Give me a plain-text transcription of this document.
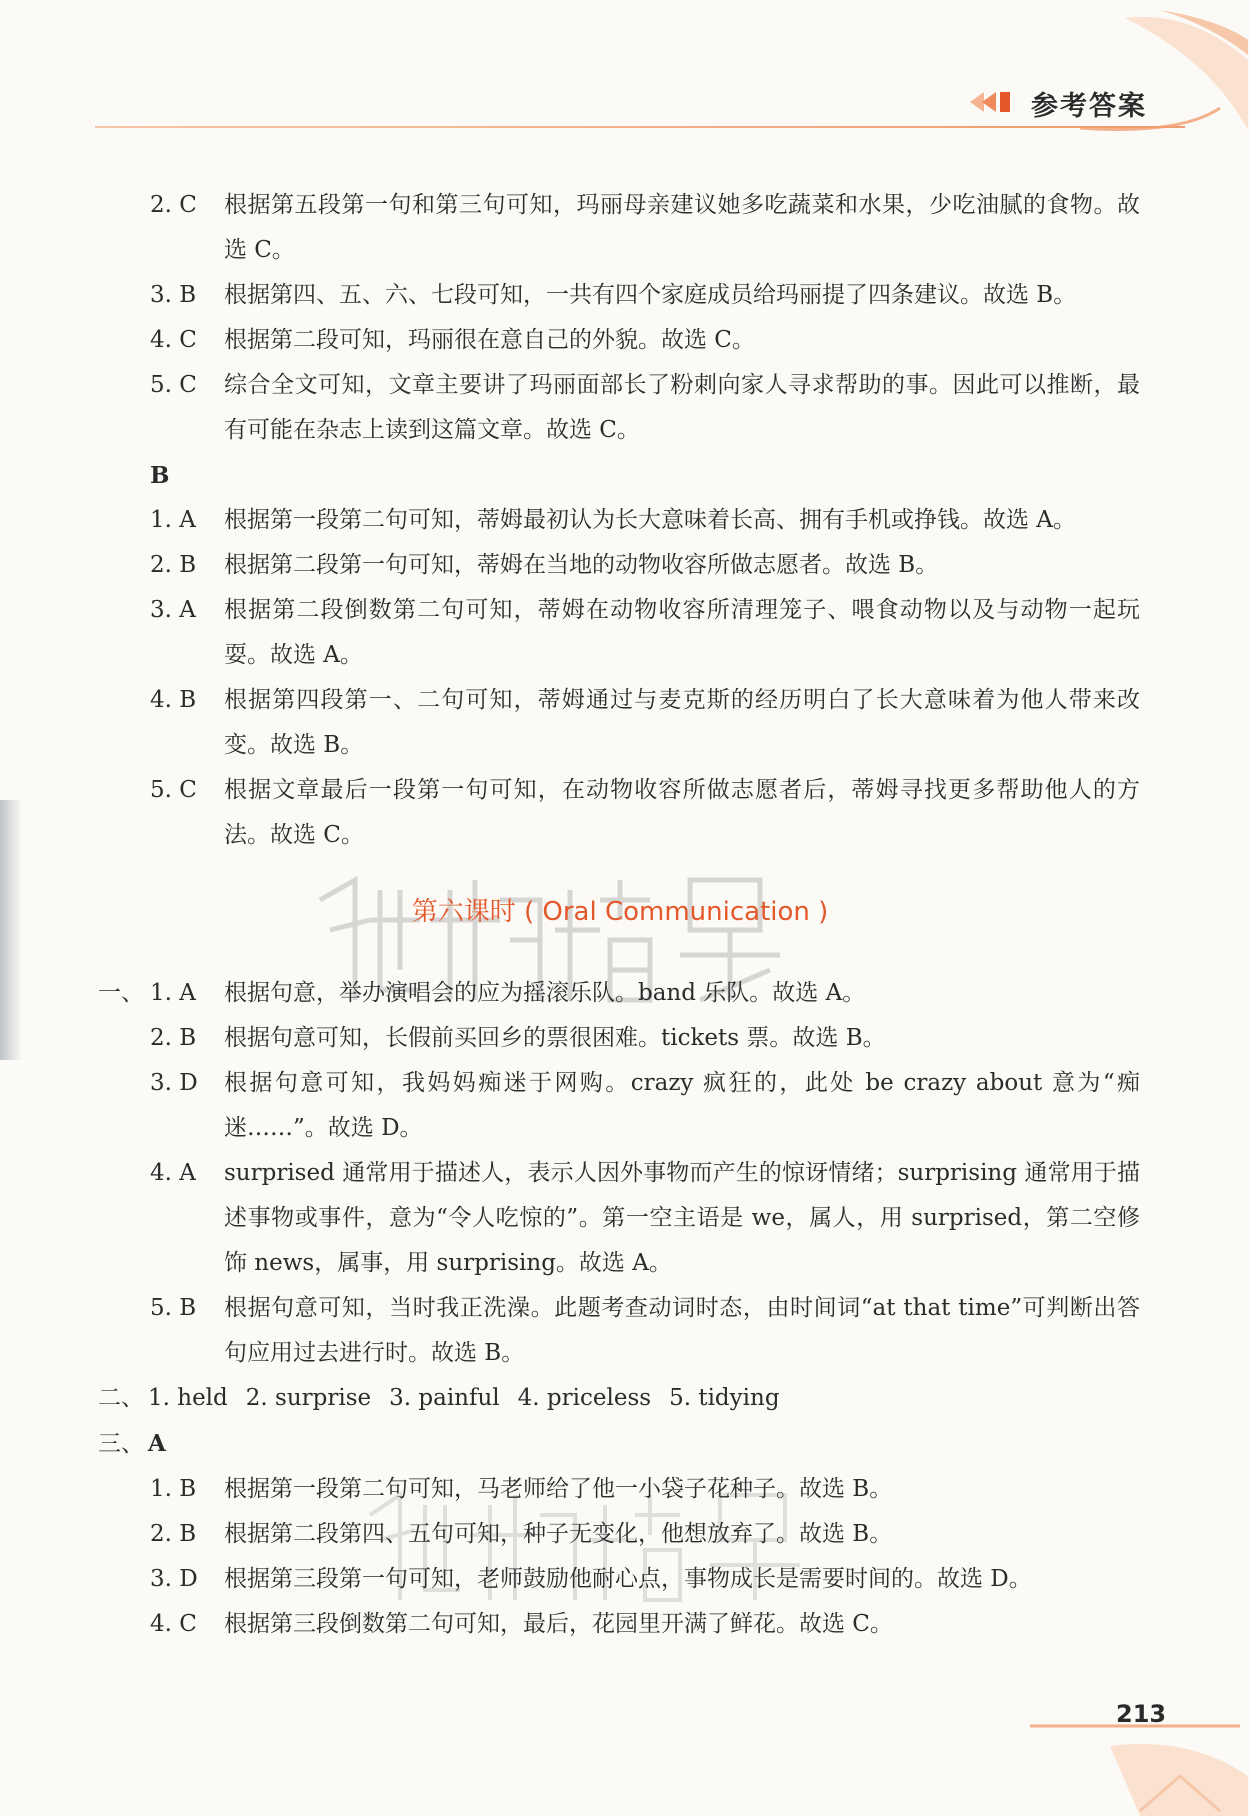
参考答案
2. C 根据第五段第一句和第三句可知，玛丽母亲建议她多吃蔬菜和水果，少吃油腻的食物。故选 C。
3. B 根据第四、五、六、七段可知，一共有四个家庭成员给玛丽提了四条建议。故选 B。
4. C 根据第二段可知，玛丽很在意自己的外貌。故选 C。
5. C 综合全文可知，文章主要讲了玛丽面部长了粉刺向家人寻求帮助的事。因此可以推断，最有可能在杂志上读到这篇文章。故选 C。
B
1. A 根据第一段第二句可知，蒂姆最初认为长大意味着长高、拥有手机或挣钱。故选 A。
2. B 根据第二段第一句可知，蒂姆在当地的动物收容所做志愿者。故选 B。
3. A 根据第二段倒数第二句可知，蒂姆在动物收容所清理笼子、喂食动物以及与动物一起玩耍。故选 A。
4. B 根据第四段第一、二句可知，蒂姆通过与麦克斯的经历明白了长大意味着为他人带来改变。故选 B。
5. C 根据文章最后一段第一句可知，在动物收容所做志愿者后，蒂姆寻找更多帮助他人的方法。故选 C。
第六课时 ( Oral Communication )
一、 1. A 根据句意，举办演唱会的应为摇滚乐队。band 乐队。故选 A。
2. B 根据句意可知，长假前买回乡的票很困难。tickets 票。故选 B。
3. D 根据句意可知，我妈妈痴迷于网购。crazy 疯狂的，此处 be crazy about 意为“痴迷……”。故选 D。
4. A surprised 通常用于描述人，表示人因外事物而产生的惊讶情绪；surprising 通常用于描述事物或事件，意为“令人吃惊的”。第一空主语是 we，属人，用 surprised，第二空修饰 news，属事，用 surprising。故选 A。
5. B 根据句意可知，当时我正洗澡。此题考查动词时态，由时间词“at that time”可判断出答句应用过去进行时。故选 B。
二、 1. held 2. surprise 3. painful 4. priceless 5. tidying
三、 A
1. B 根据第一段第二句可知，马老师给了他一小袋子花种子。故选 B。
2. B 根据第二段第四、五句可知，种子无变化，他想放弃了。故选 B。
3. D 根据第三段第一句可知，老师鼓励他耐心点，事物成长是需要时间的。故选 D。
4. C 根据第三段倒数第二句可知，最后，花园里开满了鲜花。故选 C。
213
